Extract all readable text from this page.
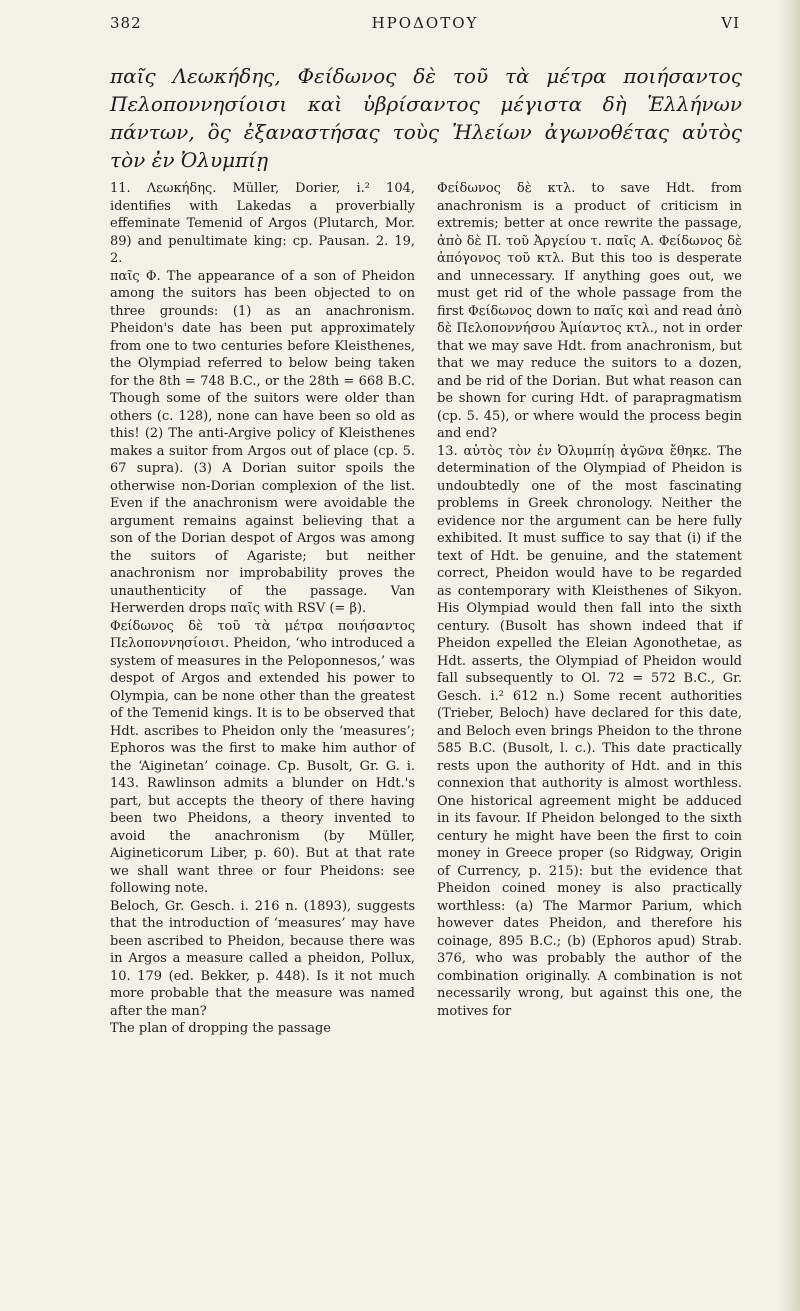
382	ΗΡΟΔΟΤΟΥ	VI
παῖς Λεωκήδης, Φείδωνος δὲ τοῦ τὰ μέτρα ποιήσαντος Πελοποννησίοισι καὶ ὑβρίσαντος μέγιστα δὴ Ἑλλήνων πάντων, ὃς ἐξαναστήσας τοὺς Ἠλείων ἀγωνοθέτας αὐτὸς τὸν ἐν Ὀλυμπίῃ

11. Λεωκήδης. Müller, Dorier, i.² 104, identifies with Lakedas a proverbially effeminate Temenid of Argos (Plutarch, Mor. 89) and penultimate king: cp. Pausan. 2. 19, 2.

παῖς Φ. The appearance of a son of Pheidon among the suitors has been objected to on three grounds: (1) as an anachronism. Pheidon's date has been put approximately from one to two centuries before Kleisthenes, the Olympiad referred to below being taken for the 8th = 748 B.C., or the 28th = 668 B.C. Though some of the suitors were older than others (c. 128), none can have been so old as this! (2) The anti-Argive policy of Kleisthenes makes a suitor from Argos out of place (cp. 5. 67 supra). (3) A Dorian suitor spoils the otherwise non-Dorian complexion of the list. Even if the anachronism were avoidable the argument remains against believing that a son of the Dorian despot of Argos was among the suitors of Agariste; but neither anachronism nor improbability proves the unauthenticity of the passage. Van Herwerden drops παῖς with RSV (= β).

Φείδωνος δὲ τοῦ τὰ μέτρα ποιήσαντος Πελοποννησίοισι. Pheidon, ‘who introduced a system of measures in the Peloponnesos,’ was despot of Argos and extended his power to Olympia, can be none other than the greatest of the Temenid kings. It is to be observed that Hdt. ascribes to Pheidon only the ‘measures’; Ephoros was the first to make him author of the ‘Aiginetan’ coinage. Cp. Busolt, Gr. G. i. 143. Rawlinson admits a blunder on Hdt.'s part, but accepts the theory of there having been two Pheidons, a theory invented to avoid the anachronism (by Müller, Aigineticorum Liber, p. 60). But at that rate we shall want three or four Pheidons: see following note.

Beloch, Gr. Gesch. i. 216 n. (1893), suggests that the introduction of ‘measures’ may have been ascribed to Pheidon, because there was in Argos a measure called a pheidon, Pollux, 10. 179 (ed. Bekker, p. 448). Is it not much more probable that the measure was named after the man?

The plan of dropping the passage

Φείδωνος δὲ κτλ. to save Hdt. from anachronism is a product of criticism in extremis; better at once rewrite the passage, ἀπὸ δὲ Π. τοῦ Ἀργείου τ. παῖς Α. Φείδωνος δὲ ἀπόγονος τοῦ κτλ. But this too is desperate and unnecessary. If anything goes out, we must get rid of the whole passage from the first Φείδωνος down to παῖς καὶ and read ἀπὸ δὲ Πελοποννήσου Ἀμίαντος κτλ., not in order that we may save Hdt. from anachronism, but that we may reduce the suitors to a dozen, and be rid of the Dorian. But what reason can be shown for curing Hdt. of parapragmatism (cp. 5. 45), or where would the process begin and end?

13. αὐτὸς τὸν ἐν Ὀλυμπίῃ ἀγῶνα ἔθηκε. The determination of the Olympiad of Pheidon is undoubtedly one of the most fascinating problems in Greek chronology. Neither the evidence nor the argument can be here fully exhibited. It must suffice to say that (i) if the text of Hdt. be genuine, and the statement correct, Pheidon would have to be regarded as contemporary with Kleisthenes of Sikyon. His Olympiad would then fall into the sixth century. (Busolt has shown indeed that if Pheidon expelled the Eleian Agonothetae, as Hdt. asserts, the Olympiad of Pheidon would fall subsequently to Ol. 72 = 572 B.C., Gr. Gesch. i.² 612 n.) Some recent authorities (Trieber, Beloch) have declared for this date, and Beloch even brings Pheidon to the throne 585 B.C. (Busolt, l. c.). This date practically rests upon the authority of Hdt. and in this connexion that authority is almost worthless. One historical agreement might be adduced in its favour. If Pheidon belonged to the sixth century he might have been the first to coin money in Greece proper (so Ridgway, Origin of Currency, p. 215): but the evidence that Pheidon coined money is also practically worthless: (a) The Marmor Parium, which however dates Pheidon, and therefore his coinage, 895 B.C.; (b) (Ephoros apud) Strab. 376, who was probably the author of the combination originally. A combination is not necessarily wrong, but against this one, the motives for
